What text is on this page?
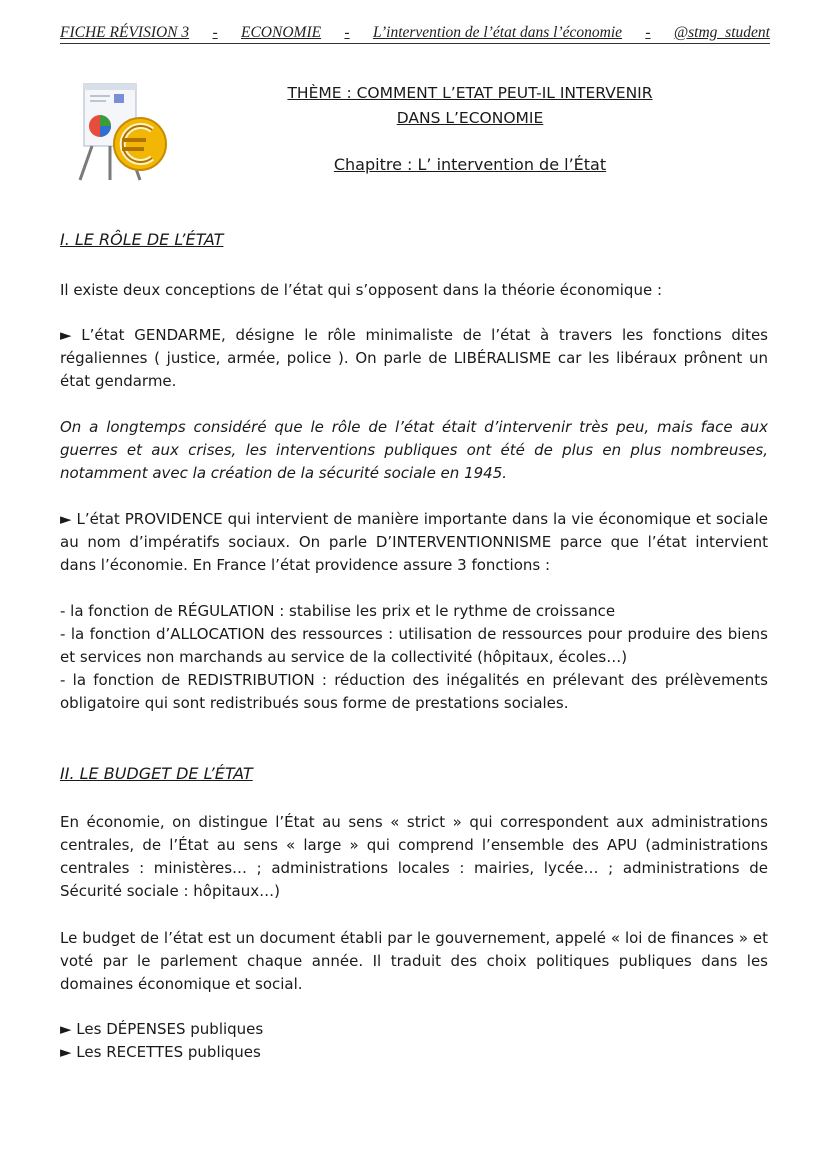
FICHE RÉVISION 3 - ECONOMIE - L’intervention de l’état dans l’économie - @stmg_student
THÈME : COMMENT L’ETAT PEUT-IL INTERVENIR
DANS L’ECONOMIE
Chapitre : L’ intervention de l’État
I. LE RÔLE DE L’ÉTAT

Il existe deux conceptions de l’état qui s’opposent dans la théorie économique :

► L’état GENDARME, désigne le rôle minimaliste de l’état à travers les fonctions dites régaliennes ( justice, armée, police ). On parle de LIBÉRALISME car les libéraux prônent un état gendarme.

On a longtemps considéré que le rôle de l’état était d’intervenir très peu, mais face aux guerres et aux crises, les interventions publiques ont été de plus en plus nombreuses, notamment avec la création de la sécurité sociale en 1945.

► L’état PROVIDENCE qui intervient de manière importante dans la vie économique et sociale au nom d’impératifs sociaux. On parle D’INTERVENTIONNISME parce que l’état intervient dans l’économie. En France l’état providence assure 3 fonctions :

- la fonction de RÉGULATION : stabilise les prix et le rythme de croissance

- la fonction d’ALLOCATION des ressources : utilisation de ressources pour produire des biens et services non marchands au service de la collectivité (hôpitaux, écoles…)

- la fonction de REDISTRIBUTION : réduction des inégalités en prélevant des prélèvements obligatoire qui sont redistribués sous forme de prestations sociales.

II. LE BUDGET DE L’ÉTAT

En économie, on distingue l’État au sens « strict » qui correspondent aux administrations centrales, de l’État au sens « large » qui comprend l’ensemble des APU (administrations centrales : ministères… ; administrations locales : mairies, lycée… ; administrations de Sécurité sociale : hôpitaux…)

Le budget de l’état est un document établi par le gouvernement, appelé « loi de finances » et voté par le parlement chaque année. Il traduit des choix politiques publiques dans les domaines économique et social.

► Les DÉPENSES publiques
► Les RECETTES publiques
